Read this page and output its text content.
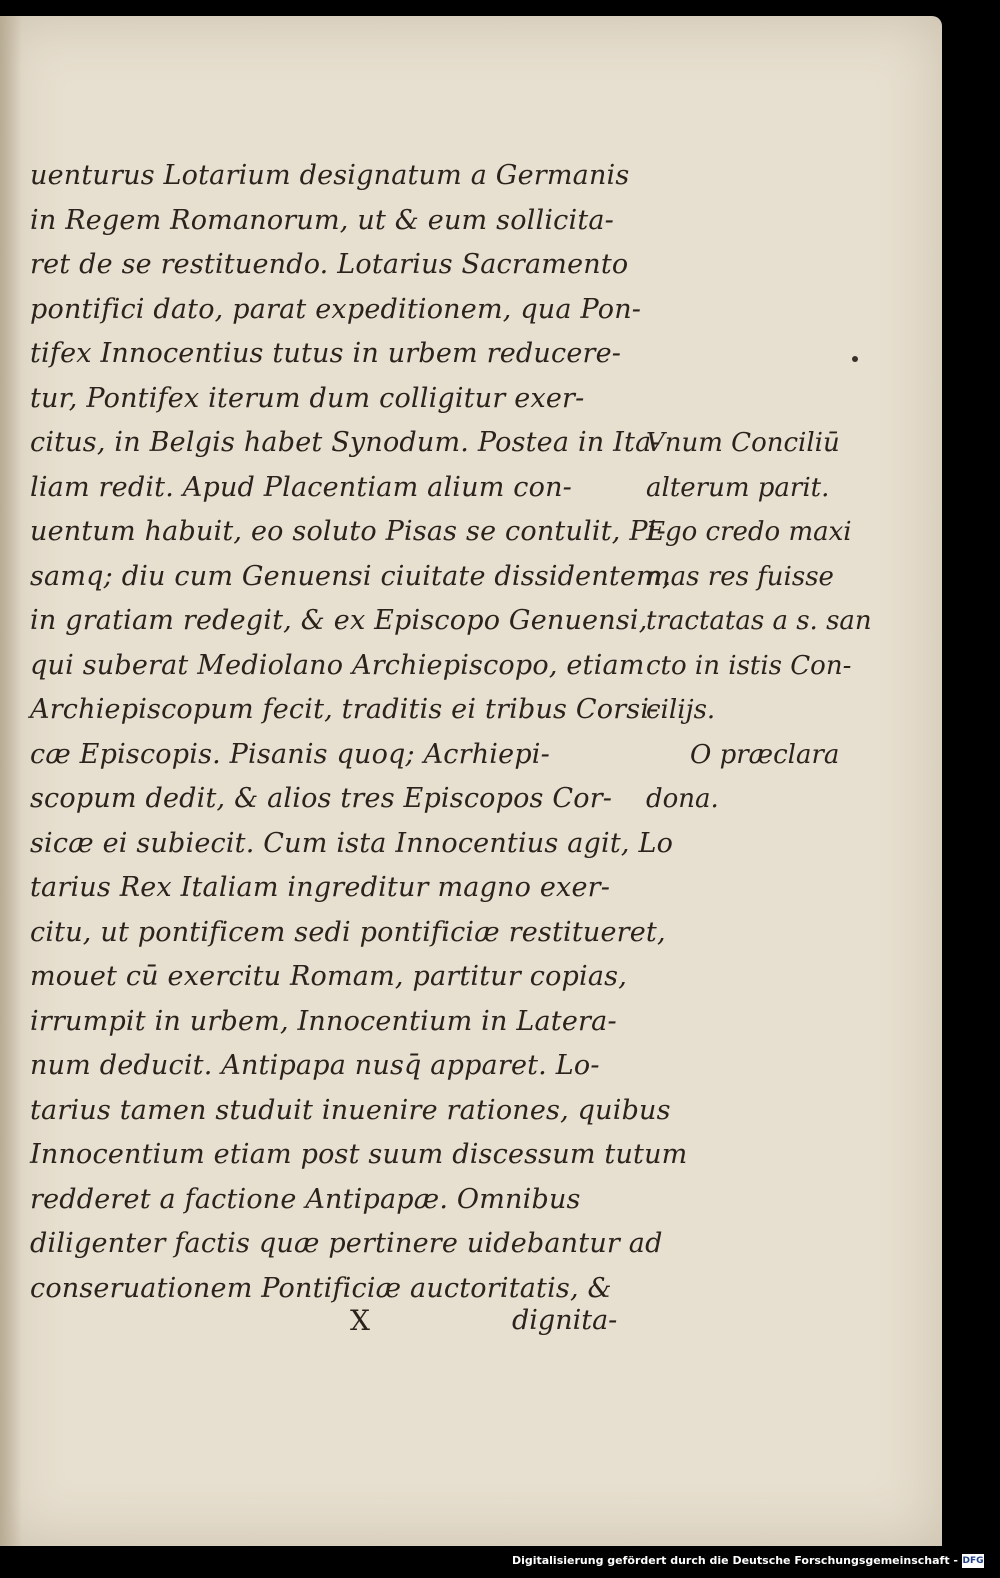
uenturus Lotarium designatum a Germanis
in Regem Romanorum, ut & eum sollicita-
ret de se restituendo. Lotarius Sacramento
pontifici dato, parat expeditionem, qua Pon-
tifex Innocentius tutus in urbem reducere-
tur, Pontifex iterum dum colligitur exer-
citus, in Belgis habet Synodum. Postea in Ita-
liam redit. Apud Placentiam alium con-
uentum habuit, eo soluto Pisas se contulit, Pi-
samq; diu cum Genuensi ciuitate dissidentem,
in gratiam redegit, & ex Episcopo Genuensi,
qui suberat Mediolano Archiepiscopo, etiam
Archiepiscopum fecit, traditis ei tribus Corsi-
cæ Episcopis. Pisanis quoq; Acrhiepi-
scopum dedit, & alios tres Episcopos Cor-
sicæ ei subiecit. Cum ista Innocentius agit, Lo
tarius Rex Italiam ingreditur magno exer-
citu, ut pontificem sedi pontificiæ restitueret,
mouet cū exercitu Romam, partitur copias,
irrumpit in urbem, Innocentium in Latera-
num deducit. Antipapa nusq̄ apparet. Lo-
tarius tamen studuit inuenire rationes, quibus
Innocentium etiam post suum discessum tutum
redderet a factione Antipapæ. Omnibus
diligenter factis quæ pertinere uidebantur ad
conseruationem Pontificiæ auctoritatis, &
X	dignita-
Vnum Conciliū
alterum parit.
Ego credo maxi
mas res fuisse
tractatas a s. san
cto in istis Con-
cilijs.
O præclara
dona.
Digitalisierung gefördert durch die Deutsche Forschungsgemeinschaft - DFG
